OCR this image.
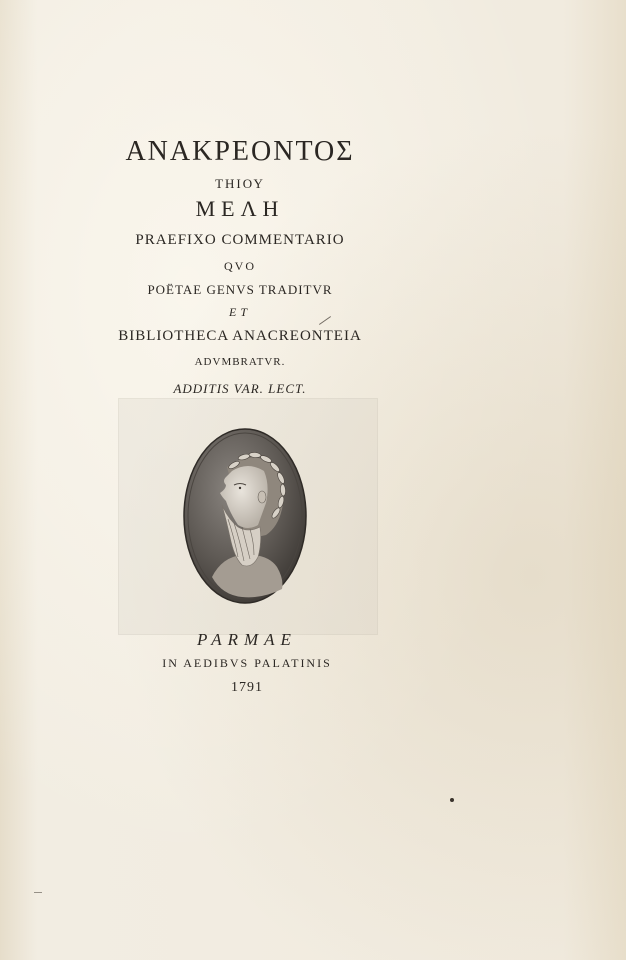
ΑΝΑΚΡΕΟΝΤΟΣ
ΤΗΙΟΥ
ΜΕΛΗ
PRAEFIXO COMMENTARIO
QVO
POËTAE GENVS TRADITVR
ET
BIBLIOTHECA ANACREONTEIA
ADVMBRATVR.
ADDITIS VAR. LECT.
PARMAE
IN AEDIBVS PALATINIS
1791
